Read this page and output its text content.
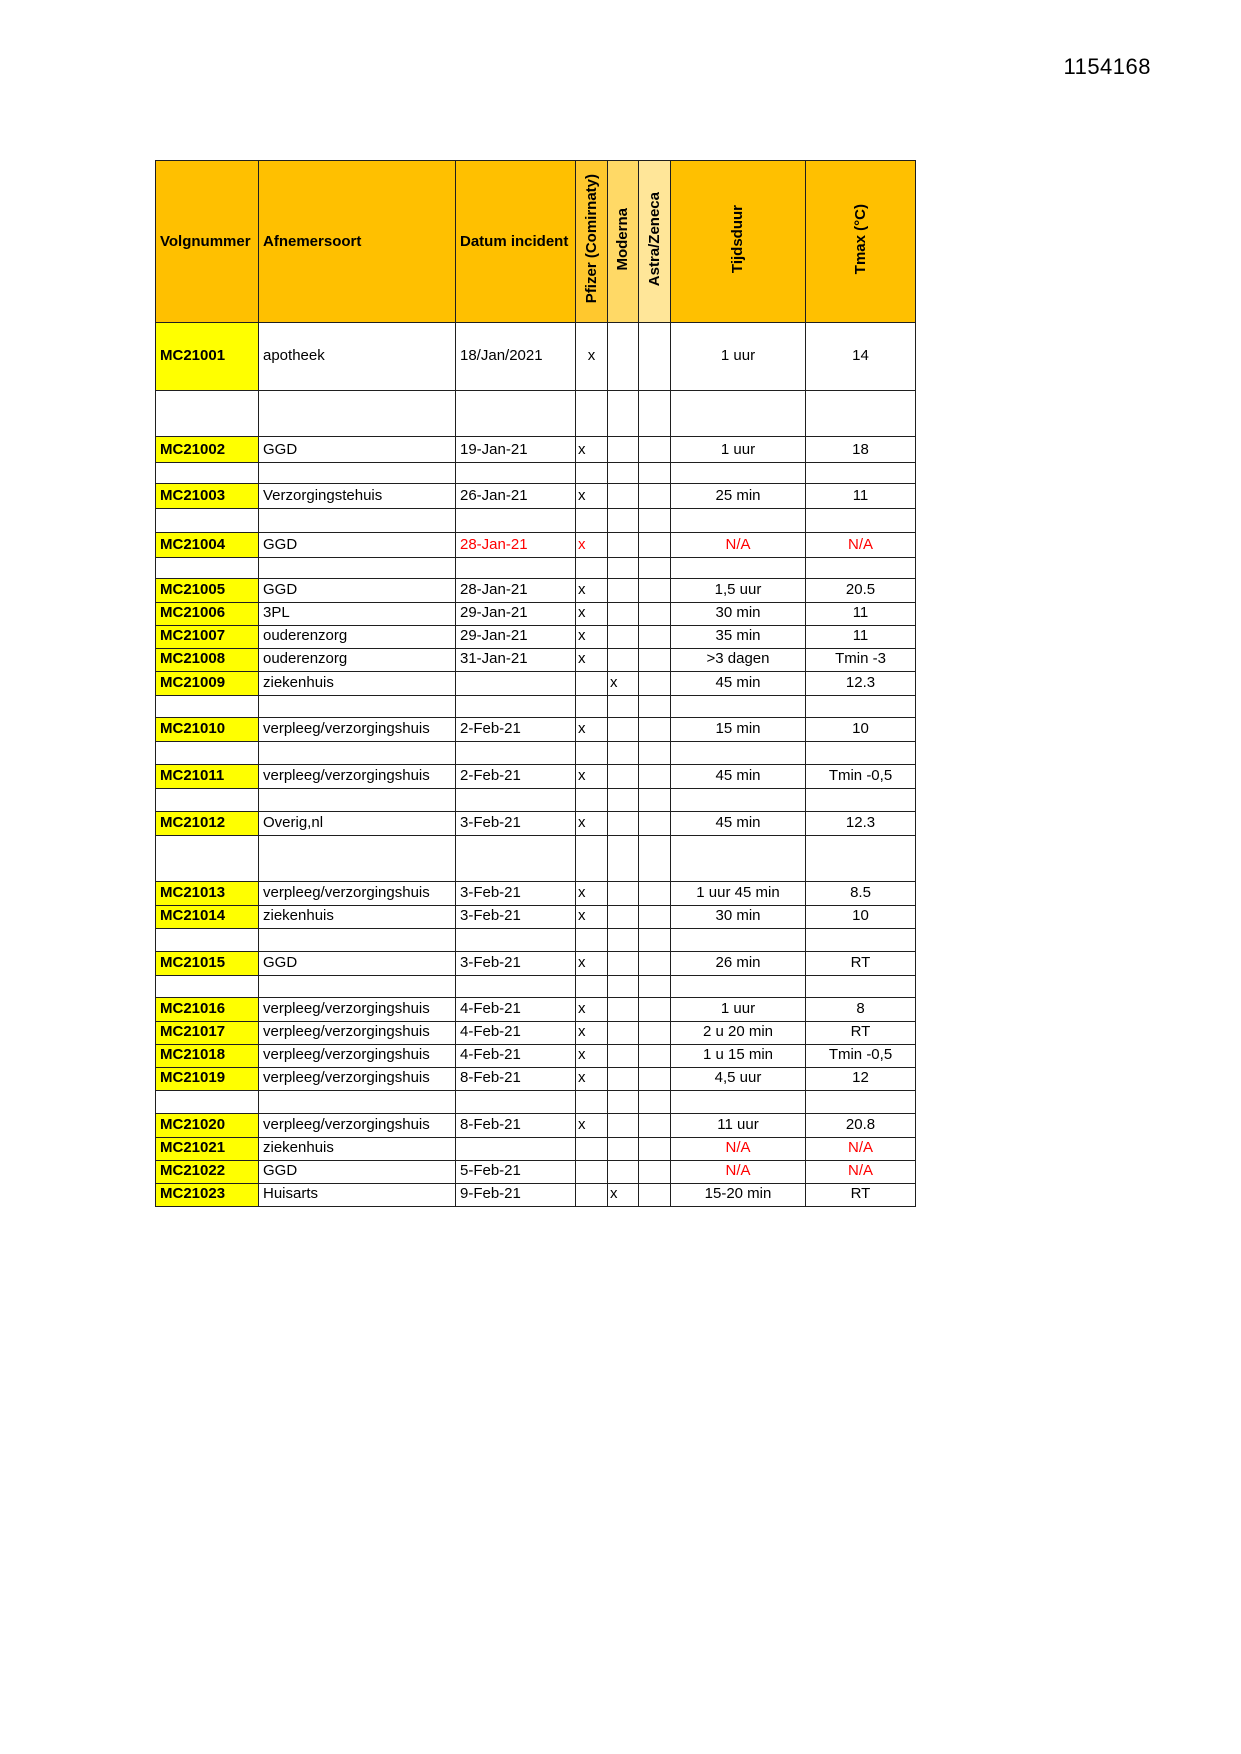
1154168
Volgnummer	Afnemersoort	Datum incident	Pfizer (Comirnaty)	Moderna	Astra/Zeneca	Tijdsduur	Tmax (°C)
MC21001	apotheek	18/Jan/2021	x			1 uur	14

MC21002	GGD	19-Jan-21	x			1 uur	18

MC21003	Verzorgingstehuis	26-Jan-21	x			25 min	11

MC21004	GGD	28-Jan-21	x			N/A	N/A

MC21005	GGD	28-Jan-21	x			1,5 uur	20.5
MC21006	3PL	29-Jan-21	x			30 min	11
MC21007	ouderenzorg	29-Jan-21	x			35 min	11
MC21008	ouderenzorg	31-Jan-21	x			>3 dagen	Tmin -3
MC21009	ziekenhuis			x		45 min	12.3

MC21010	verpleeg/verzorgingshuis	2-Feb-21	x			15 min	10

MC21011	verpleeg/verzorgingshuis	2-Feb-21	x			45 min	Tmin -0,5

MC21012	Overig,nl	3-Feb-21	x			45 min	12.3

MC21013	verpleeg/verzorgingshuis	3-Feb-21	x			1 uur 45 min	8.5
MC21014	ziekenhuis	3-Feb-21	x			30 min	10

MC21015	GGD	3-Feb-21	x			26 min	RT

MC21016	verpleeg/verzorgingshuis	4-Feb-21	x			1 uur	8
MC21017	verpleeg/verzorgingshuis	4-Feb-21	x			2 u 20 min	RT
MC21018	verpleeg/verzorgingshuis	4-Feb-21	x			1 u 15 min	Tmin -0,5
MC21019	verpleeg/verzorgingshuis	8-Feb-21	x			4,5 uur	12

MC21020	verpleeg/verzorgingshuis	8-Feb-21	x			11 uur	20.8
MC21021	ziekenhuis					N/A	N/A
MC21022	GGD	5-Feb-21				N/A	N/A
MC21023	Huisarts	9-Feb-21		x		15-20 min	RT
